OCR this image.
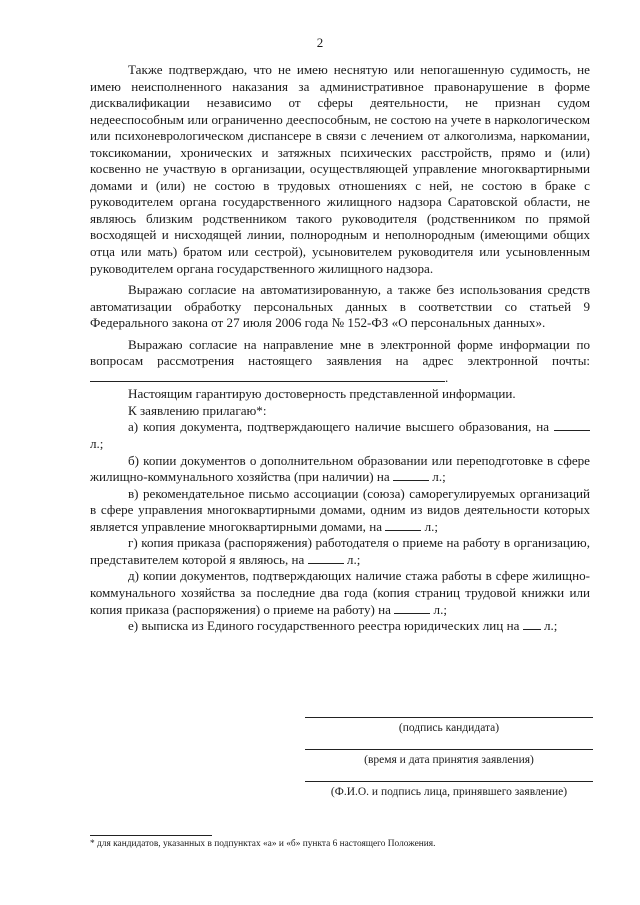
2

Также подтверждаю, что не имею неснятую или непогашенную судимость, не имею неисполненного наказания за административное правонарушение в форме дисквалификации независимо от сферы деятельности, не признан судом недееспособным или ограниченно дееспособным, не состою на учете в наркологическом или психоневрологическом диспансере в связи с лечением от алкоголизма, наркомании, токсикомании, хронических и затяжных психических расстройств, прямо и (или) косвенно не участвую в организации, осуществляющей управление многоквартирными домами и (или) не состою в трудовых отношениях с ней, не состою в браке с руководителем органа государственного жилищного надзора Саратовской области, не являюсь близким родственником такого руководителя (родственником по прямой восходящей и нисходящей линии, полнородным и неполнородным (имеющими общих отца или мать) братом или сестрой), усыновителем руководителя или усыновленным руководителем органа государственного жилищного надзора.

Выражаю согласие на автоматизированную, а также без использования средств автоматизации обработку персональных данных в соответствии со статьей 9 Федерального закона от 27 июля 2006 года № 152-ФЗ «О персональных данных».

Выражаю согласие на направление мне в электронной форме информации по вопросам рассмотрения настоящего заявления на адрес электронной почты: .

Настоящим гарантирую достоверность представленной информации.

К заявлению прилагаю*:

а) копия документа, подтверждающего наличие высшего образования, на  л.;

б) копии документов о дополнительном образовании или переподготовке в сфере жилищно-коммунального хозяйства (при наличии) на	л.;

в) рекомендательное письмо ассоциации (союза) саморегулируемых организаций в сфере управления многоквартирными домами, одним из видов деятельности которых является управление многоквартирными домами, на	л.;

г) копия приказа (распоряжения) работодателя о приеме на работу в организацию, представителем которой я являюсь, на	л.;

д) копии документов, подтверждающих наличие стажа работы в сфере жилищно-коммунального хозяйства за последние два года (копия страниц трудовой книжки или копия приказа (распоряжения) о приеме на работу) на	л.;

е) выписка из Единого государственного реестра юридических лиц на л.;

(подпись кандидата)
(время и дата принятия заявления)
(Ф.И.О. и подпись лица, принявшего заявление)
* для кандидатов, указанных в подпунктах «а» и «б» пункта 6 настоящего Положения.
